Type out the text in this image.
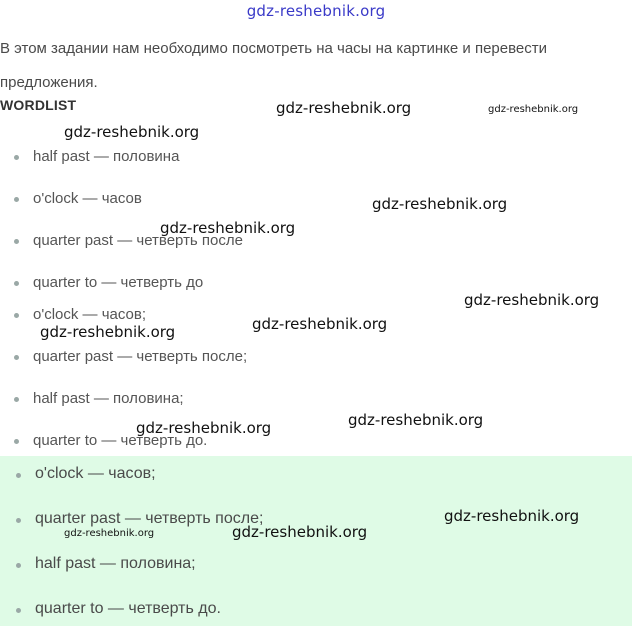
gdz-reshebnik.org
В этом задании нам необходимо посмотреть на часы на картинке и перевести предложения.
WORDLIST
half past — половина
o'clock — часов
quarter past — четверть после
quarter to — четверть до
o'clock — часов;
quarter past — четверть после;
half past — половина;
quarter to — четверть до.
o'clock — часов;
quarter past — четверть после;
half past — половина;
quarter to — четверть до.
gdz-reshebnik.org	gdz-reshebnik.org
gdz-reshebnik.org
gdz-reshebnik.org
gdz-reshebnik.org
gdz-reshebnik.org
gdz-reshebnik.org
gdz-reshebnik.org
gdz-reshebnik.org
gdz-reshebnik.org
gdz-reshebnik.org
gdz-reshebnik.org
gdz-reshebnik.org
